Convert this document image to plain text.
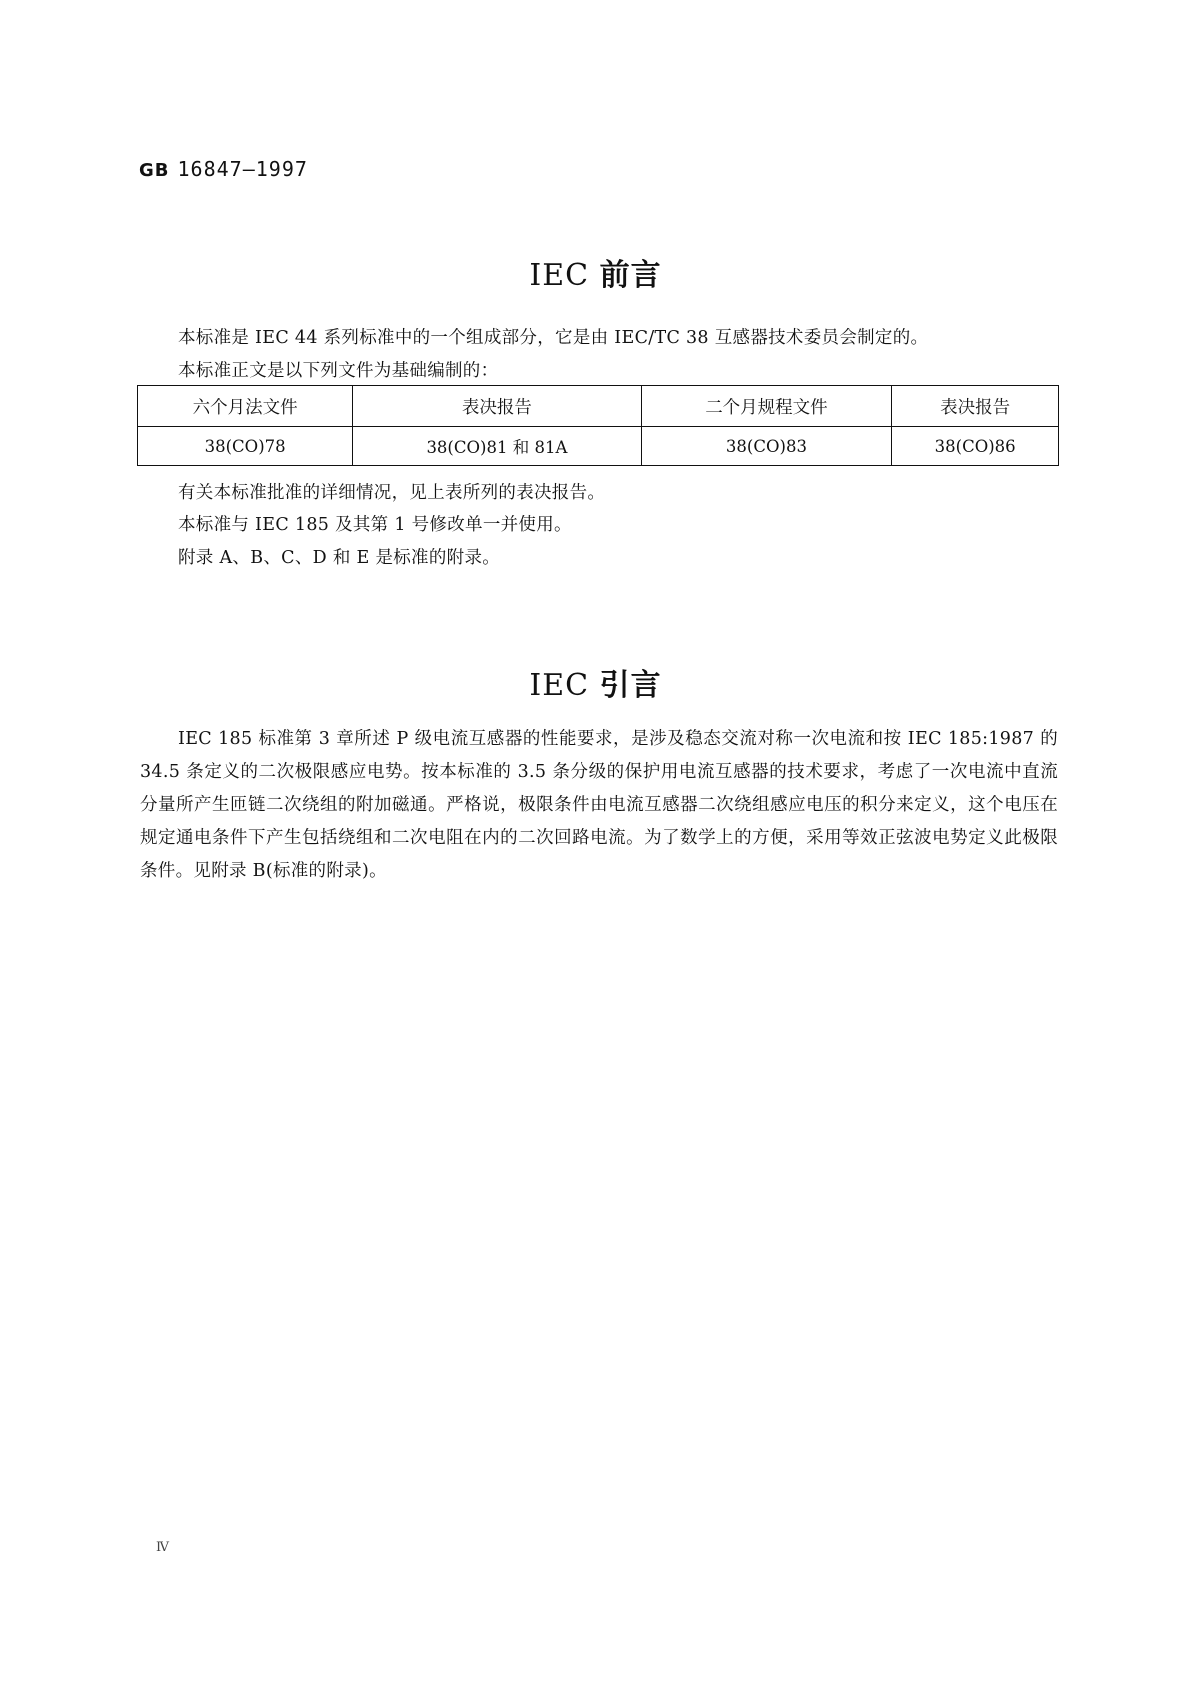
GB 16847—1997
IEC 前言
本标准是 IEC 44 系列标准中的一个组成部分，它是由 IEC/TC 38 互感器技术委员会制定的。
本标准正文是以下列文件为基础编制的：
六个月法文件	表决报告	二个月规程文件	表决报告
38(CO)78	38(CO)81 和 81A	38(CO)83	38(CO)86
有关本标准批准的详细情况，见上表所列的表决报告。
本标准与 IEC 185 及其第 1 号修改单一并使用。
附录 A、B、C、D 和 E 是标准的附录。
IEC 引言
IEC 185 标准第 3 章所述 P 级电流互感器的性能要求，是涉及稳态交流对称一次电流和按 IEC 185:1987 的 34.5 条定义的二次极限感应电势。按本标准的 3.5 条分级的保护用电流互感器的技术要求，考虑了一次电流中直流分量所产生匝链二次绕组的附加磁通。严格说，极限条件由电流互感器二次绕组感应电压的积分来定义，这个电压在规定通电条件下产生包括绕组和二次电阻在内的二次回路电流。为了数学上的方便，采用等效正弦波电势定义此极限条件。见附录 B(标准的附录)。
Ⅳ
